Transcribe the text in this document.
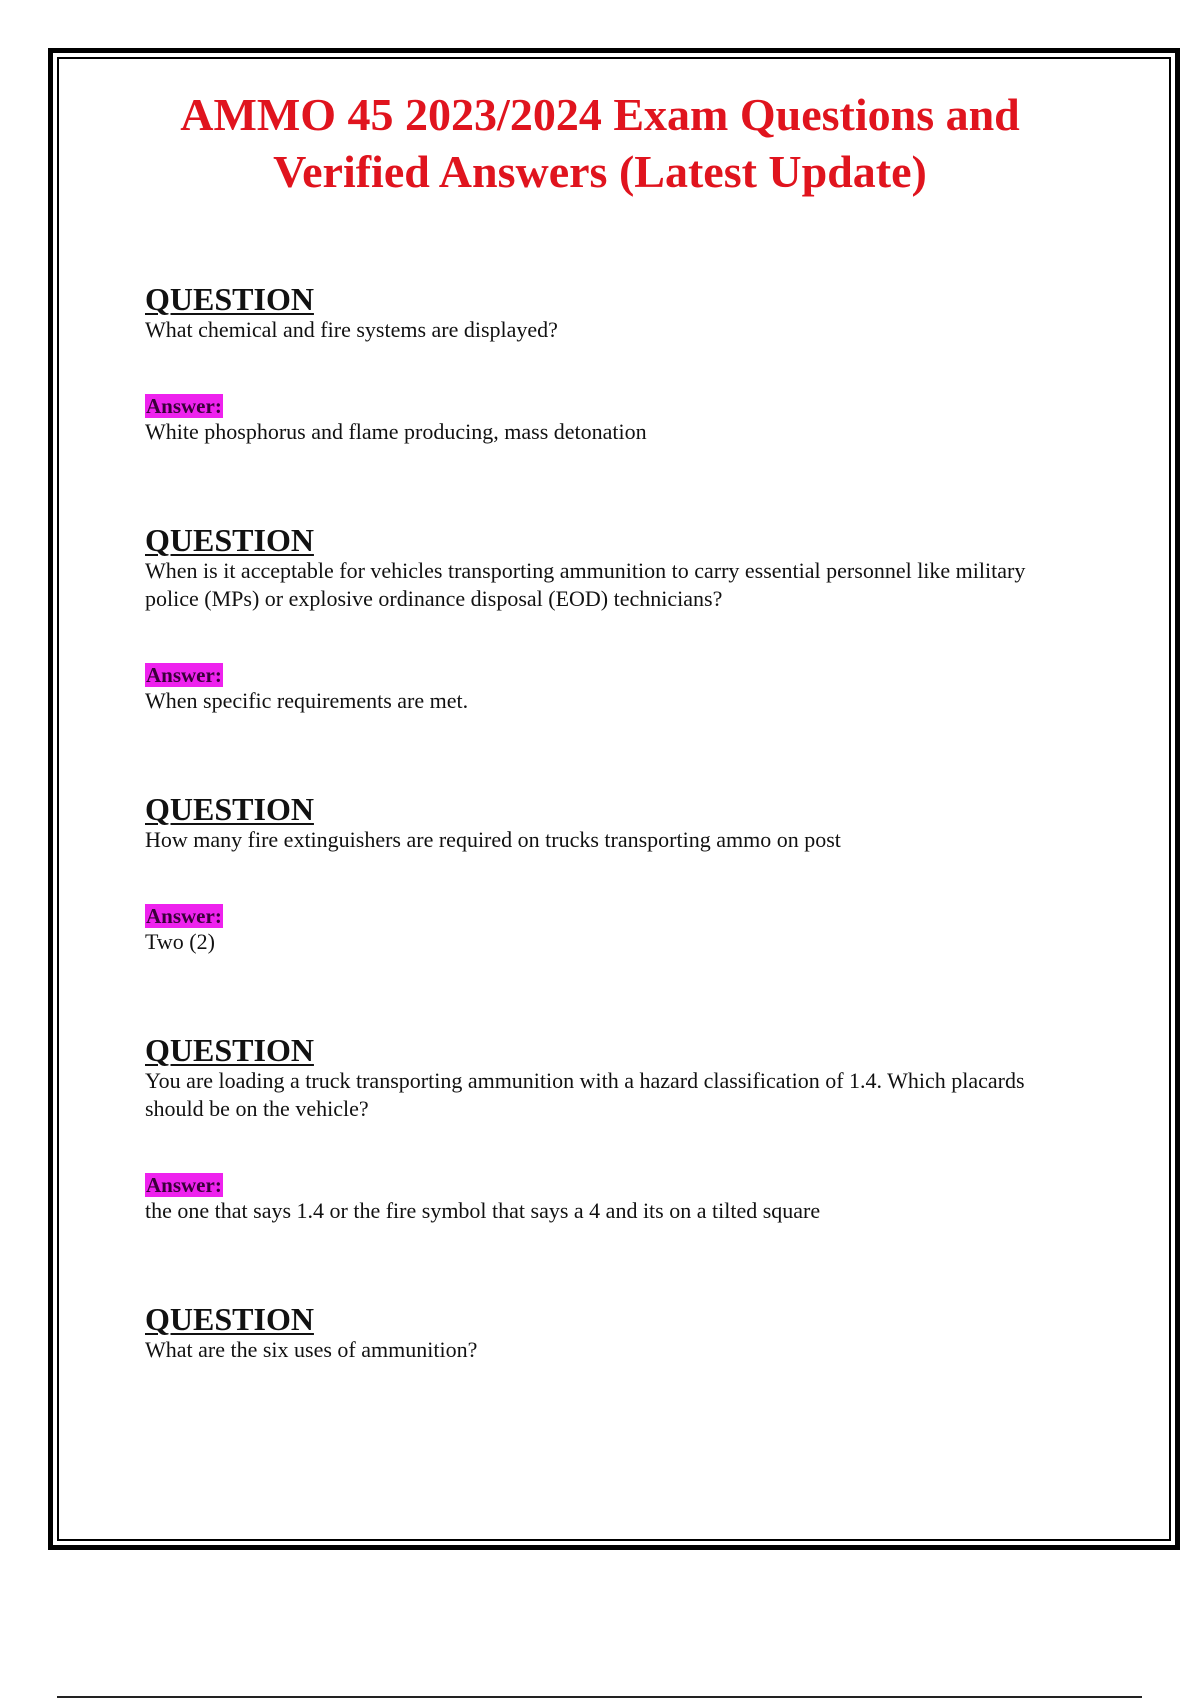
AMMO 45 2023/2024 Exam Questions and
Verified Answers (Latest Update)
QUESTION

What chemical and fire systems are displayed?

Answer:

White phosphorus and flame producing, mass detonation

QUESTION

When is it acceptable for vehicles transporting ammunition to carry essential personnel like military police (MPs) or explosive ordinance disposal (EOD) technicians?

Answer:

When specific requirements are met.

QUESTION

How many fire extinguishers are required on trucks transporting ammo on post

Answer:

Two (2)

QUESTION

You are loading a truck transporting ammunition with a hazard classification of 1.4. Which placards should be on the vehicle?

Answer:

the one that says 1.4 or the fire symbol that says a 4 and its on a tilted square

QUESTION

What are the six uses of ammunition?
